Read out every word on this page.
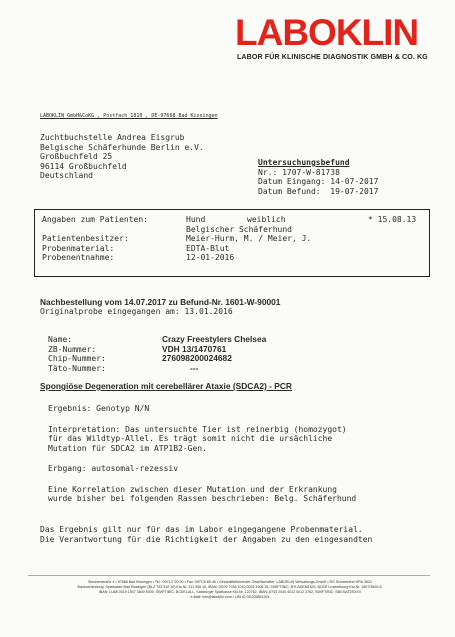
LABOKLIN
LABOR FÜR KLINISCHE DIAGNOSTIK GMBH & CO. KG
LABOKLIN GmbH&CoKG , Postfach 1810 , DE-97668 Bad Kissingen
Zuchtbuchstelle Andrea Eisgrub
Belgische Schäferhunde Berlin e.V.
Großbuchfeld 25
96114 Großbuchfeld
Deutschland
Untersuchungsbefund
Nr.: 1707-W-81738
Datum Eingang: 14-07-2017
Datum Befund:  19-07-2017
Angaben zum Patienten:

Patientenbesitzer:
Probenmaterial:
Probenentnahme:
Hund
Belgischer Schäferhund
Meier-Hurm, M. / Meier, J.
EDTA-Blut
12-01-2016
weiblich	* 15.08.13
Nachbestellung vom 14.07.2017 zu Befund-Nr. 1601-W-90001
Originalprobe eingegangen am: 13.01.2016
Name:
ZB-Nummer:
Chip-Nummer:
Täto-Nummer:
Crazy Freestylers Chelsea
VDH 13/1470761
276098200024682
---
Spongiöse Degeneration mit cerebellärer Ataxie (SDCA2) - PCR
Ergebnis: Genotyp N/N
Interpretation: Das untersuchte Tier ist reinerbig (homozygot)
für das Wildtyp-Allel. Es trägt somit nicht die ursächliche
Mutation für SDCA2 im ATP1B2-Gen.
Erbgang: autosomal-rezessiv
Eine Korrelation zwischen dieser Mutation und der Erkrankung
wurde bisher bei folgenden Rassen beschrieben: Belg. Schäferhund
Das Ergebnis gilt nur für das im Labor eingegangene Probenmaterial.
Die Verantwortung für die Richtigkeit der Angaben zu den eingesandten
Steubenstraße 4 • 97688 Bad Kissingen • Tel.: 0971/7 20 20 • Fax: 0971/6 85 46 • Geschäftsführender Gesellschafter: LABOKLIN Verwaltungs-GmbH • RG Schweinfurt HRA 3631
Bankverbindung: Sparkasse Bad Kissingen (BLZ 793 510 10) Kto.Nr. 311 506 15, IBAN: DE09 7935 1010 0031 1506 15, SWIFT/BIC: BYLADEM1KIS, BCEE Luxembourg Kto.Nr. 1507/3600-5,
IBAN: LU85 0019 1507 3600 5000, SWIFT/BIC: BCEELULL, Salzburger Sparkasse Kto.Nr. 122762, IBAN: AT43 2040 4012 0012 2762, SWIFT/BIC: SBGSAT2SXXX
e-Mail: info@laboklin.com • USt.ID DE206851924
